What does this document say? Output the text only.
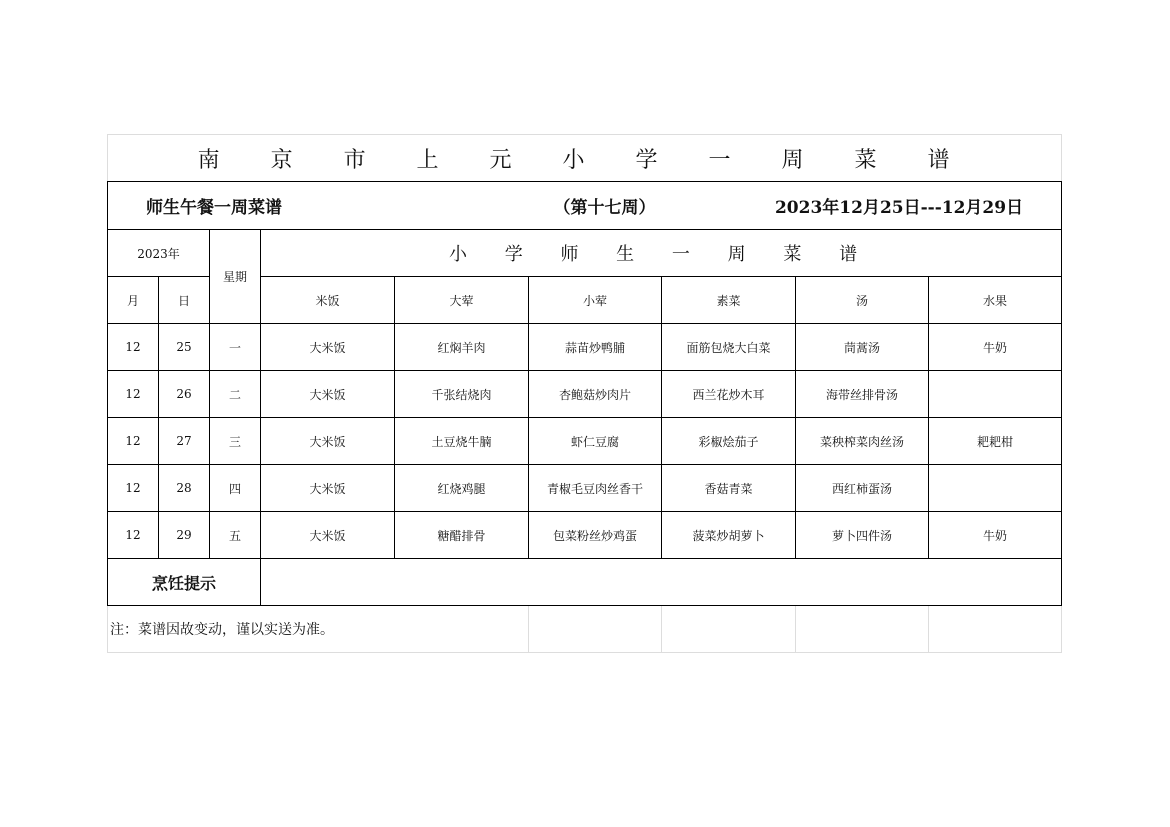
南 京 市 上 元 小 学 一 周 菜 谱								

师生午餐一周菜谱 （第十七周） 2023年12月25日---12月29日								

2023年		星期	小 学 师 生 一 周 菜 谱					
月	日		米饭	大荤	小荤	素菜	汤	水果
12	25	一	大米饭	红焖羊肉	蒜苗炒鸭脯	面筋包烧大白菜	茼蒿汤	牛奶
12	26	二	大米饭	千张结烧肉	杏鲍菇炒肉片	西兰花炒木耳	海带丝排骨汤	
12	27	三	大米饭	土豆烧牛腩	虾仁豆腐	彩椒烩茄子	菜秧榨菜肉丝汤	耙耙柑
12	28	四	大米饭	红烧鸡腿	青椒毛豆肉丝香干	香菇青菜	西红柿蛋汤	
12	29	五	大米饭	糖醋排骨	包菜粉丝炒鸡蛋	菠菜炒胡萝卜	萝卜四件汤	牛奶
烹饪提示								
注：菜谱因故变动，谨以实送为准。								
